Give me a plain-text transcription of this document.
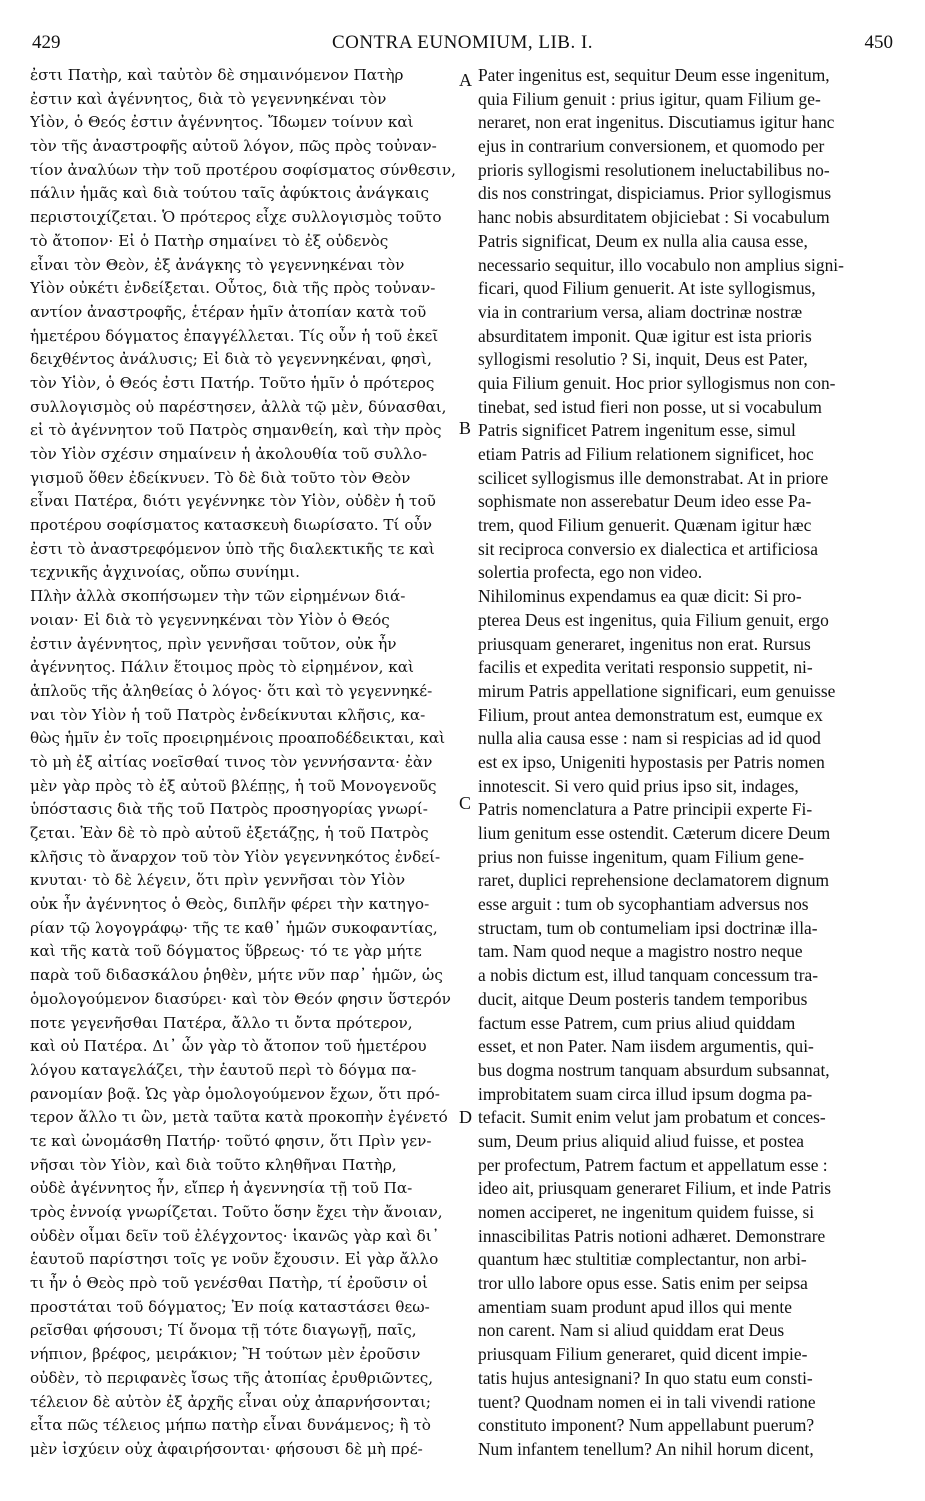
429	CONTRA EUNOMIUM, LIB. I.	450
ἐστι Πατὴρ, καὶ ταὐτὸν δὲ σημαινόμενον Πατὴρ
ἐστιν καὶ ἀγέννητος, διὰ τὸ γεγεννηκέναι τὸν
Υἱὸν, ὁ Θεός ἐστιν ἀγέννητος. Ἴδωμεν τοίνυν καὶ
τὸν τῆς ἀναστροφῆς αὐτοῦ λόγον, πῶς πρὸς τοὐναν-
τίον ἀναλύων τὴν τοῦ προτέρου σοφίσματος σύνθεσιν,
πάλιν ἡμᾶς καὶ διὰ τούτου ταῖς ἀφύκτοις ἀνάγκαις
περιστοιχίζεται. Ὁ πρότερος εἶχε συλλογισμὸς τοῦτο
τὸ ἄτοπον· Εἰ ὁ Πατὴρ σημαίνει τὸ ἐξ οὐδενὸς
εἶναι τὸν Θεὸν, ἐξ ἀνάγκης τὸ γεγεννηκέναι τὸν
Υἱὸν οὐκέτι ἐνδείξεται. Οὗτος, διὰ τῆς πρὸς τοὐναν-
αντίον ἀναστροφῆς, ἑτέραν ἡμῖν ἀτοπίαν κατὰ τοῦ
ἡμετέρου δόγματος ἐπαγγέλλεται. Τίς οὖν ἡ τοῦ ἐκεῖ
δειχθέντος ἀνάλυσις; Εἰ διὰ τὸ γεγεννηκέναι, φησὶ,
τὸν Υἱὸν, ὁ Θεός ἐστι Πατήρ. Τοῦτο ἡμῖν ὁ πρότερος
συλλογισμὸς οὐ παρέστησεν, ἀλλὰ τῷ μὲν, δύνασθαι,
εἰ τὸ ἀγέννητον τοῦ Πατρὸς σημανθείη, καὶ τὴν πρὸς
τὸν Υἱὸν σχέσιν σημαίνειν ἡ ἀκολουθία τοῦ συλλο-
γισμοῦ ὅθεν ἐδείκνυεν. Τὸ δὲ διὰ τοῦτο τὸν Θεὸν
εἶναι Πατέρα, διότι γεγέννηκε τὸν Υἱὸν, οὐδὲν ἡ τοῦ
προτέρου σοφίσματος κατασκευὴ διωρίσατο. Τί οὖν
ἐστι τὸ ἀναστρεφόμενον ὑπὸ τῆς διαλεκτικῆς τε καὶ
τεχνικῆς ἀγχινοίας, οὔπω συνίημι.
Πλὴν ἀλλὰ σκοπήσωμεν τὴν τῶν εἰρημένων διά-
νοιαν· Εἰ διὰ τὸ γεγεννηκέναι τὸν Υἱὸν ὁ Θεός
ἐστιν ἀγέννητος, πρὶν γεννῆσαι τοῦτον, οὐκ ἦν
ἀγέννητος. Πάλιν ἕτοιμος πρὸς τὸ εἰρημένον, καὶ
ἁπλοῦς τῆς ἀληθείας ὁ λόγος· ὅτι καὶ τὸ γεγεννηκέ-
ναι τὸν Υἱὸν ἡ τοῦ Πατρὸς ἐνδείκνυται κλῆσις, κα-
θὼς ἡμῖν ἐν τοῖς προειρημένοις προαποδέδεικται, καὶ
τὸ μὴ ἐξ αἰτίας νοεῖσθαί τινος τὸν γεννήσαντα· ἐὰν
μὲν γὰρ πρὸς τὸ ἐξ αὐτοῦ βλέπῃς, ἡ τοῦ Μονογενοῦς
ὑπόστασις διὰ τῆς τοῦ Πατρὸς προσηγορίας γνωρί-
ζεται. Ἐὰν δὲ τὸ πρὸ αὐτοῦ ἐξετάζῃς, ἡ τοῦ Πατρὸς
κλῆσις τὸ ἄναρχον τοῦ τὸν Υἱὸν γεγεννηκότος ἐνδεί-
κνυται· τὸ δὲ λέγειν, ὅτι πρὶν γεννῆσαι τὸν Υἱὸν
οὐκ ἦν ἀγέννητος ὁ Θεὸς, διπλῆν φέρει τὴν κατηγο-
ρίαν τῷ λογογράφῳ· τῆς τε καθ᾽ ἡμῶν συκοφαντίας,
καὶ τῆς κατὰ τοῦ δόγματος ὕβρεως· τό τε γὰρ μήτε
παρὰ τοῦ διδασκάλου ῥηθὲν, μήτε νῦν παρ᾽ ἡμῶν, ὡς
ὁμολογούμενον διασύρει· καὶ τὸν Θεόν φησιν ὕστερόν
ποτε γεγενῆσθαι Πατέρα, ἄλλο τι ὄντα πρότερον,
καὶ οὐ Πατέρα. Δι᾽ ὧν γὰρ τὸ ἄτοπον τοῦ ἡμετέρου
λόγου καταγελάζει, τὴν ἑαυτοῦ περὶ τὸ δόγμα πα-
ρανομίαν βοᾷ. Ὡς γὰρ ὁμολογούμενον ἔχων, ὅτι πρό-
τερον ἄλλο τι ὢν, μετὰ ταῦτα κατὰ προκοπὴν ἐγένετό
τε καὶ ὠνομάσθη Πατήρ· τοῦτό φησιν, ὅτι Πρὶν γεν-
νῆσαι τὸν Υἱὸν, καὶ διὰ τοῦτο κληθῆναι Πατὴρ,
οὐδὲ ἀγέννητος ἦν, εἴπερ ἡ ἀγεννησία τῇ τοῦ Πα-
τρὸς ἐννοίᾳ γνωρίζεται. Τοῦτο ὅσην ἔχει τὴν ἄνοιαν,
οὐδὲν οἶμαι δεῖν τοῦ ἐλέγχοντος· ἱκανῶς γὰρ καὶ δι᾽
ἑαυτοῦ παρίστησι τοῖς γε νοῦν ἔχουσιν. Εἰ γὰρ ἄλλο
τι ἦν ὁ Θεὸς πρὸ τοῦ γενέσθαι Πατὴρ, τί ἐροῦσιν οἱ
προστάται τοῦ δόγματος; Ἐν ποίᾳ καταστάσει θεω-
ρεῖσθαι φήσουσι; Τί ὄνομα τῇ τότε διαγωγῇ, παῖς,
νήπιον, βρέφος, μειράκιον; Ἢ τούτων μὲν ἐροῦσιν
οὐδὲν, τὸ περιφανὲς ἴσως τῆς ἀτοπίας ἐρυθριῶντες,
τέλειον δὲ αὐτὸν ἐξ ἀρχῆς εἶναι οὐχ ἀπαρνήσονται;
εἶτα πῶς τέλειος μήπω πατὴρ εἶναι δυνάμενος; ἢ τὸ
μὲν ἰσχύειν οὐχ ἀφαιρήσονται· φήσουσι δὲ μὴ πρέ-
Pater ingenitus est, sequitur Deum esse ingenitum,
quia Filium genuit : prius igitur, quam Filium ge-
neraret, non erat ingenitus. Discutiamus igitur hanc
ejus in contrarium conversionem, et quomodo per
prioris syllogismi resolutionem ineluctabilibus no-
dis nos constringat, dispiciamus. Prior syllogismus
hanc nobis absurditatem objiciebat : Si vocabulum
Patris significat, Deum ex nulla alia causa esse,
necessario sequitur, illo vocabulo non amplius signi-
ficari, quod Filium genuerit. At iste syllogismus,
via in contrarium versa, aliam doctrinæ nostræ
absurditatem imponit. Quæ igitur est ista prioris
syllogismi resolutio ? Si, inquit, Deus est Pater,
quia Filium genuit. Hoc prior syllogismus non con-
tinebat, sed istud fieri non posse, ut si vocabulum
Patris significet Patrem ingenitum esse, simul
etiam Patris ad Filium relationem significet, hoc
scilicet syllogismus ille demonstrabat. At in priore
sophismate non asserebatur Deum ideo esse Pa-
trem, quod Filium genuerit. Quænam igitur hæc
sit reciproca conversio ex dialectica et artificiosa
solertia profecta, ego non video.
Nihilominus expendamus ea quæ dicit: Si pro-
pterea Deus est ingenitus, quia Filium genuit, ergo
priusquam generaret, ingenitus non erat. Rursus
facilis et expedita veritati responsio suppetit, ni-
mirum Patris appellatione significari, eum genuisse
Filium, prout antea demonstratum est, eumque ex
nulla alia causa esse : nam si respicias ad id quod
est ex ipso, Unigeniti hypostasis per Patris nomen
innotescit. Si vero quid prius ipso sit, indages,
Patris nomenclatura a Patre principii experte Fi-
lium genitum esse ostendit. Cæterum dicere Deum
prius non fuisse ingenitum, quam Filium gene-
raret, duplici reprehensione declamatorem dignum
esse arguit : tum ob sycophantiam adversus nos
structam, tum ob contumeliam ipsi doctrinæ illa-
tam. Nam quod neque a magistro nostro neque
a nobis dictum est, illud tanquam concessum tra-
ducit, aitque Deum posteris tandem temporibus
factum esse Patrem, cum prius aliud quiddam
esset, et non Pater. Nam iisdem argumentis, qui-
bus dogma nostrum tanquam absurdum subsannat,
improbitatem suam circa illud ipsum dogma pa-
tefacit. Sumit enim velut jam probatum et conces-
sum, Deum prius aliquid aliud fuisse, et postea
per profectum, Patrem factum et appellatum esse :
ideo ait, priusquam generaret Filium, et inde Patris
nomen acciperet, ne ingenitum quidem fuisse, si
innascibilitas Patris notioni adhæret. Demonstrare
quantum hæc stultitiæ complectantur, non arbi-
tror ullo labore opus esse. Satis enim per seipsa
amentiam suam produnt apud illos qui mente
non carent. Nam si aliud quiddam erat Deus
priusquam Filium generaret, quid dicent impie-
tatis hujus antesignani? In quo statu eum consti-
tuent? Quodnam nomen ei in tali vivendi ratione
constituto imponent? Num appellabunt puerum?
Num infantem tenellum? An nihil horum dicent,
A
B
C
D
